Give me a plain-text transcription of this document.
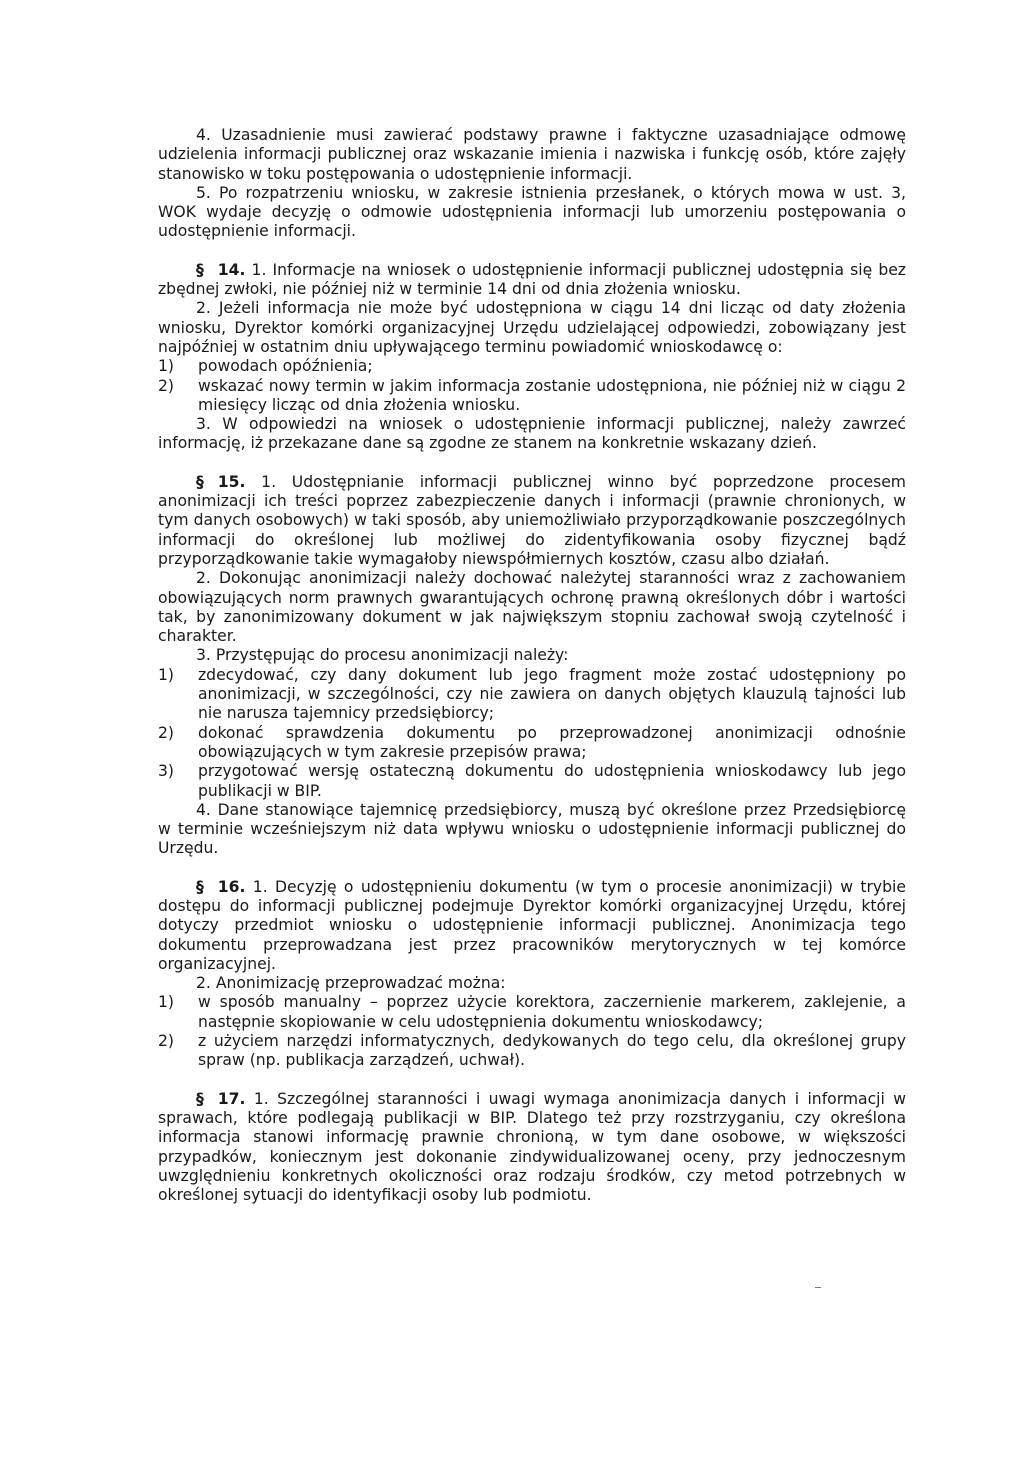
4. Uzasadnienie musi zawierać podstawy prawne i faktyczne uzasadniające odmowę udzielenia informacji publicznej oraz wskazanie imienia i nazwiska i funkcję osób, które zajęły stanowisko w toku postępowania o udostępnienie informacji.

5. Po rozpatrzeniu wniosku, w zakresie istnienia przesłanek, o których mowa w ust. 3, WOK wydaje decyzję o odmowie udostępnienia informacji lub umorzeniu postępowania o udostępnienie informacji.

§ 14. 1. Informacje na wniosek o udostępnienie informacji publicznej udostępnia się bez zbędnej zwłoki, nie później niż w terminie 14 dni od dnia złożenia wniosku.

2. Jeżeli informacja nie może być udostępniona w ciągu 14 dni licząc od daty złożenia wniosku, Dyrektor komórki organizacyjnej Urzędu udzielającej odpowiedzi, zobowiązany jest najpóźniej w ostatnim dniu upływającego terminu powiadomić wnioskodawcę o:

1)	powodach opóźnienia;
2)	wskazać nowy termin w jakim informacja zostanie udostępniona, nie później niż w ciągu 2 miesięcy licząc od dnia złożenia wniosku.

3. W odpowiedzi na wniosek o udostępnienie informacji publicznej, należy zawrzeć informację, iż przekazane dane są zgodne ze stanem na konkretnie wskazany dzień.

§ 15. 1. Udostępnianie informacji publicznej winno być poprzedzone procesem anonimizacji ich treści poprzez zabezpieczenie danych i informacji (prawnie chronionych, w tym danych osobowych) w taki sposób, aby uniemożliwiało przyporządkowanie poszczególnych informacji do określonej lub możliwej do zidentyfikowania osoby fizycznej bądź przyporządkowanie takie wymagałoby niewspółmiernych kosztów, czasu albo działań.

2. Dokonując anonimizacji należy dochować należytej staranności wraz z zachowaniem obowiązujących norm prawnych gwarantujących ochronę prawną określonych dóbr i wartości tak, by zanonimizowany dokument w jak największym stopniu zachował swoją czytelność i charakter.

3. Przystępując do procesu anonimizacji należy:

1)	zdecydować, czy dany dokument lub jego fragment może zostać udostępniony po anonimizacji, w szczególności, czy nie zawiera on danych objętych klauzulą tajności lub nie narusza tajemnicy przedsiębiorcy;
2)	dokonać sprawdzenia dokumentu po przeprowadzonej anonimizacji odnośnie obowiązujących w tym zakresie przepisów prawa;
3)	przygotować wersję ostateczną dokumentu do udostępnienia wnioskodawcy lub jego publikacji w BIP.

4. Dane stanowiące tajemnicę przedsiębiorcy, muszą być określone przez Przedsiębiorcę w terminie wcześniejszym niż data wpływu wniosku o udostępnienie informacji publicznej do Urzędu.

§ 16. 1. Decyzję o udostępnieniu dokumentu (w tym o procesie anonimizacji) w trybie dostępu do informacji publicznej podejmuje Dyrektor komórki organizacyjnej Urzędu, której dotyczy przedmiot wniosku o udostępnienie informacji publicznej. Anonimizacja tego dokumentu przeprowadzana jest przez pracowników merytorycznych w tej komórce organizacyjnej.

2. Anonimizację przeprowadzać można:

1)	w sposób manualny – poprzez użycie korektora, zaczernienie markerem, zaklejenie, a następnie skopiowanie w celu udostępnienia dokumentu wnioskodawcy;
2)	z użyciem narzędzi informatycznych, dedykowanych do tego celu, dla określonej grupy spraw (np. publikacja zarządzeń, uchwał).

§ 17. 1. Szczególnej staranności i uwagi wymaga anonimizacja danych i informacji w sprawach, które podlegają publikacji w BIP. Dlatego też przy rozstrzyganiu, czy określona informacja stanowi informację prawnie chronioną, w tym dane osobowe, w większości przypadków, koniecznym jest dokonanie zindywidualizowanej oceny, przy jednoczesnym uwzględnieniu konkretnych okoliczności oraz rodzaju środków, czy metod potrzebnych w określonej sytuacji do identyfikacji osoby lub podmiotu.
